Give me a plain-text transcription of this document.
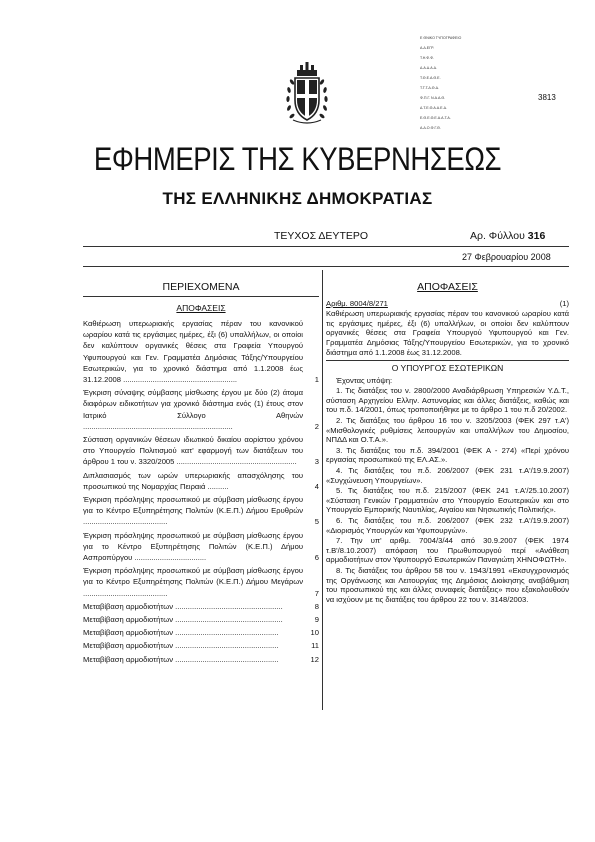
Ε ΘΝΙΚΟ ΤΥΠΟΓΡΑΦΕΙΟ

Α.Δ.ΕΓΡ.

Τ.Η.Φ.Φ.

Δ.Α.Δ.Α.Δ.

Τ.Θ.Ε.Α.Θ.Ε.

Τ.Τ.Τ.Δ.Θ.Δ.

Φ.Π.Γ. Ν.Α.Α.Θ.

Δ.Τ.Ε.Θ.Α.Α.Ε.Δ.

Ε.Θ.Ε.Θ.Ε.Α.Α.Τ.Α.

Α.Δ.Ο.Φ.Γ.Θ.

3813
ΕΦΗΜΕΡΙΣ ΤΗΣ ΚΥΒΕΡΝΗΣΕΩΣ
ΤΗΣ ΕΛΛΗΝΙΚΗΣ ΔΗΜΟΚΡΑΤΙΑΣ
ΤΕΥΧΟΣ ΔΕΥΤΕΡΟ	Αρ. Φύλλου 316
27 Φεβρουαρίου 2008
ΠΕΡΙΕΧΟΜΕΝΑ
ΑΠΟΦΑΣΕΙΣ
Καθιέρωση υπερωριακής εργασίας πέραν του κανονικού ωραρίου κατά τις εργάσιμες ημέρες, έξι (6) υπαλλήλων, οι οποίοι δεν καλύπτουν οργανικές θέσεις στα Γραφεία Υπουργού Υφυπουργού και Γεν. Γραμματέα Δημόσιας Τάξης/Υπουργείου Εσωτερικών, για το χρονικό διάστημα από 1.1.2008 έως 31.12.2008 ......................................................	1
Έγκριση σύναψης σύμβασης μίσθωσης έργου με δύο (2) άτομα διαφόρων ειδικοτήτων για χρονικό διάστημα ενός (1) έτους στον Ιατρικό Σύλλογο Αθηνών .......................................................................	2
Σύσταση οργανικών θέσεων ιδιωτικού δικαίου αορίστου χρόνου στο Υπουργείο Πολιτισμού κατ' εφαρμογή των διατάξεων του άρθρου 1 του ν. 3320/2005 .........................................................	3
Διπλασιασμός των ωρών υπερωριακής απασχόλησης του προσωπικού της Νομαρχίας Πειραιά ..........	4
Έγκριση πρόσληψης προσωπικού με σύμβαση μίσθωσης έργου για το Κέντρο Εξυπηρέτησης Πολιτών (Κ.Ε.Π.) Δήμου Ερυθρών ........................................	5
Έγκριση πρόσληψης προσωπικού με σύμβαση μίσθωσης έργου για το Κέντρο Εξυπηρέτησης Πολιτών (Κ.Ε.Π.) Δήμου Ασπροπύργου ..................................	6
Έγκριση πρόσληψης προσωπικού με σύμβαση μίσθωσης έργου για το Κέντρο Εξυπηρέτησης Πολιτών (Κ.Ε.Π.) Δήμου Μεγάρων ........................................	7
Μεταβίβαση αρμοδιοτήτων ...................................................	8
Μεταβίβαση αρμοδιοτήτων ...................................................	9
Μεταβίβαση αρμοδιοτήτων .................................................	10
Μεταβίβαση αρμοδιοτήτων .................................................	11
Μεταβίβαση αρμοδιοτήτων .................................................	12
ΑΠΟΦΑΣΕΙΣ
Αριθμ. 8004/8/271	(1)

Καθιέρωση υπερωριακής εργασίας πέραν του κανονικού ωραρίου κατά τις εργάσιμες ημέρες, έξι (6) υπαλλήλων, οι οποίοι δεν καλύπτουν οργανικές θέσεις στα Γραφεία Υπουργού Υφυπουργού και Γεν. Γραμματέα Δημόσιας Τάξης/Υπουργείου Εσωτερικών, για το χρονικό διάστημα από 1.1.2008 έως 31.12.2008.

Ο ΥΠΟΥΡΓΟΣ ΕΣΩΤΕΡΙΚΩΝ

Έχοντας υπόψη:

1. Τις διατάξεις του ν. 2800/2000 Αναδιάρθρωση Υπηρεσιών Υ.Δ.Τ., σύσταση Αρχηγείου Ελλην. Αστυνομίας και άλλες διατάξεις, καθώς και του π.δ. 14/2001, όπως τροποποιήθηκε με το άρθρο 1 του π.δ 20/2002.

2. Τις διατάξεις του άρθρου 16 του ν. 3205/2003 (ΦΕΚ 297 τ.Α') «Μισθολογικές ρυθμίσεις λειτουργών και υπαλλήλων του Δημοσίου, ΝΠΔΔ και Ο.Τ.Α.».

3. Τις διατάξεις του π.δ. 394/2001 (ΦΕΚ Α - 274) «Περί χρόνου εργασίας προσωπικού της ΕΛ.ΑΣ.».

4. Τις διατάξεις του π.δ. 206/2007 (ΦΕΚ 231 τ.Α'/19.9.2007) «Συγχώνευση Υπουργείων».

5. Τις διατάξεις του π.δ. 215/2007 (ΦΕΚ 241 τ.Α'/25.10.2007) «Σύσταση Γενικών Γραμματειών στο Υπουργείο Εσωτερικών και στο Υπουργείο Εμπορικής Ναυτιλίας, Αιγαίου και Νησιωτικής Πολιτικής».

6. Τις διατάξεις του π.δ. 206/2007 (ΦΕΚ 232 τ.Α'/19.9.2007) «Διορισμός Υπουργών και Υφυπουργών».

7. Την υπ' αριθμ. 7004/3/44 από 30.9.2007 (ΦΕΚ 1974 τ.Β'/8.10.2007) απόφαση του Πρωθυπουργού περί «Ανάθεση αρμοδιοτήτων στον Υφυπουργό Εσωτερικών Παναγιώτη ΧΗΝΟΦΩΤΗ».

8. Τις διατάξεις του άρθρου 58 του ν. 1943/1991 «Εκσυγχρονισμός της Οργάνωσης και Λειτουργίας της Δημόσιας Διοίκησης αναβάθμιση του προσωπικού της και άλλες συναφείς διατάξεις» που εξακολουθούν να ισχύουν με τις διατάξεις του άρθρου 22 του ν. 3148/2003.
